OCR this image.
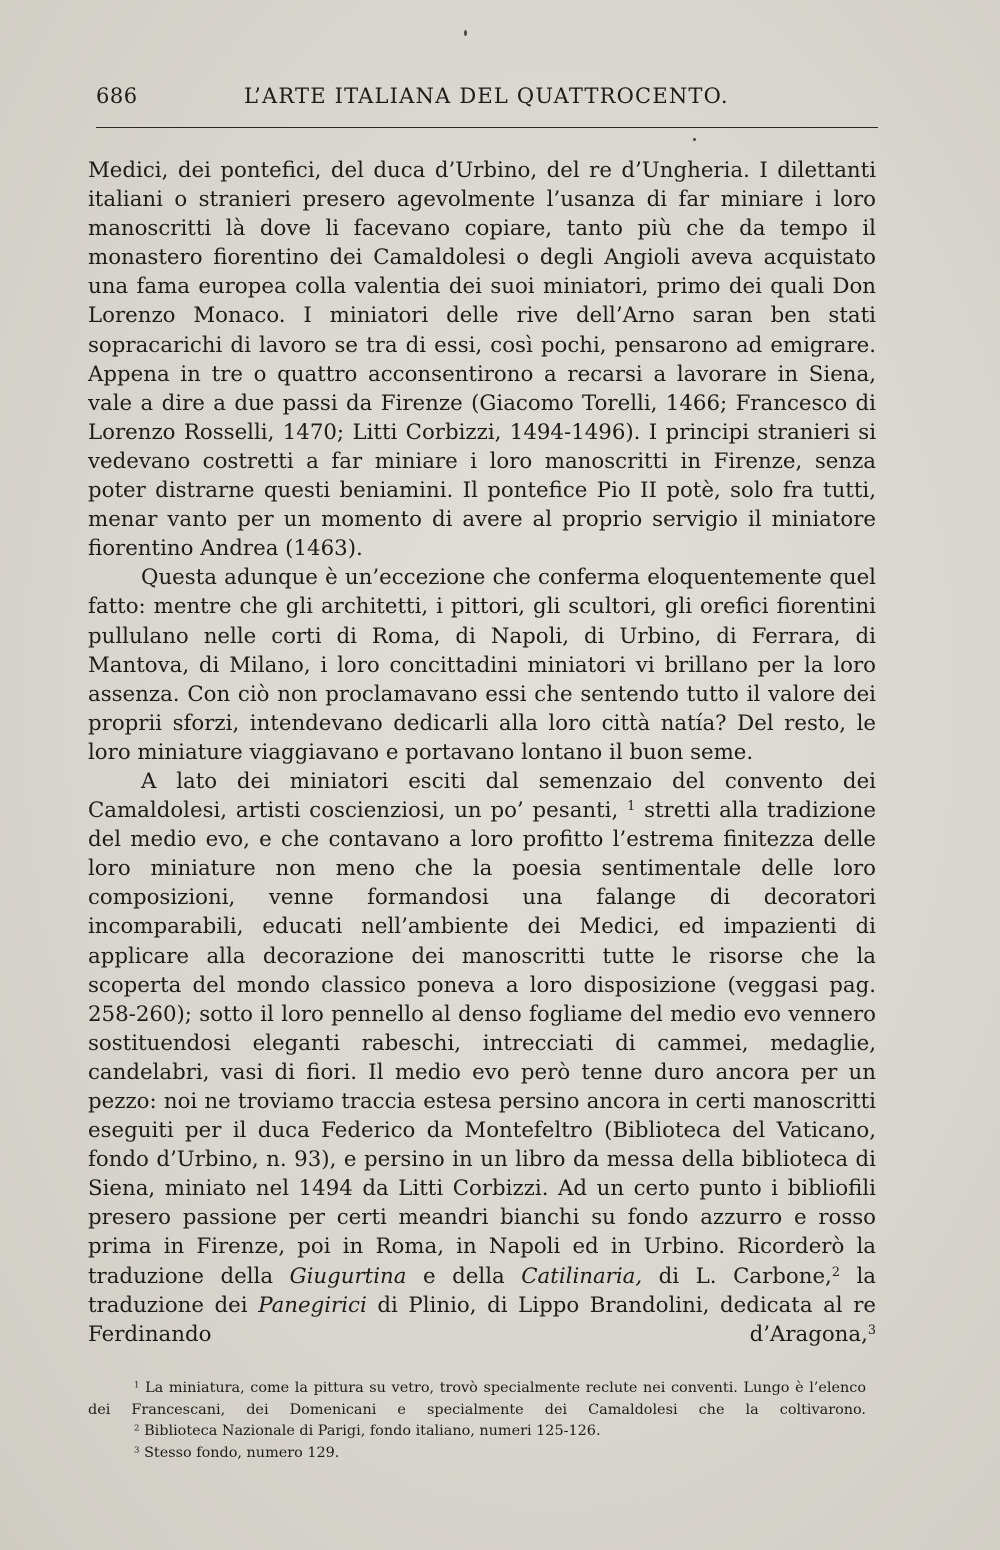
686	L’ARTE ITALIANA DEL QUATTROCENTO.

Medici, dei pontefici, del duca d’Urbino, del re d’Ungheria. I dilettanti italiani o stranieri presero agevolmente l’usanza di far miniare i loro manoscritti là dove li facevano copiare, tanto più che da tempo il monastero fiorentino dei Camaldolesi o degli Angioli aveva acquistato una fama europea colla valentia dei suoi miniatori, primo dei quali Don Lorenzo Monaco. I miniatori delle rive dell’Arno saran ben stati sopracarichi di lavoro se tra di essi, così pochi, pensarono ad emigrare. Appena in tre o quattro acconsentirono a recarsi a lavorare in Siena, vale a dire a due passi da Firenze (Giacomo Torelli, 1466; Francesco di Lorenzo Rosselli, 1470; Litti Corbizzi, 1494-1496). I principi stranieri si vedevano costretti a far miniare i loro manoscritti in Firenze, senza poter distrarne questi beniamini. Il pontefice Pio II potè, solo fra tutti, menar vanto per un momento di avere al proprio servigio il miniatore fiorentino Andrea (1463).

Questa adunque è un’eccezione che conferma eloquentemente quel fatto: mentre che gli architetti, i pittori, gli scultori, gli orefici fiorentini pullulano nelle corti di Roma, di Napoli, di Urbino, di Ferrara, di Mantova, di Milano, i loro concittadini miniatori vi brillano per la loro assenza. Con ciò non proclamavano essi che sentendo tutto il valore dei proprii sforzi, intendevano dedicarli alla loro città natía? Del resto, le loro miniature viaggiavano e portavano lontano il buon seme.

A lato dei miniatori esciti dal semenzaio del convento dei Camaldolesi, artisti coscienziosi, un po’ pesanti, $^1$ stretti alla tradizione del medio evo, e che contavano a loro profitto l’estrema finitezza delle loro miniature non meno che la poesia sentimentale delle loro composizioni, venne formandosi una falange di decoratori incomparabili, educati nell’ambiente dei Medici, ed impazienti di applicare alla decorazione dei manoscritti tutte le risorse che la scoperta del mondo classico poneva a loro disposizione (veggasi pag. 258-260); sotto il loro pennello al denso fogliame del medio evo vennero sostituendosi eleganti rabeschi, intrecciati di cammei, medaglie, candelabri, vasi di fiori. Il medio evo però tenne duro ancora per un pezzo: noi ne troviamo traccia estesa persino ancora in certi manoscritti eseguiti per il duca Federico da Montefeltro (Biblioteca del Vaticano, fondo d’Urbino, n. 93), e persino in un libro da messa della biblioteca di Siena, miniato nel 1494 da Litti Corbizzi. Ad un certo punto i bibliofili presero passione per certi meandri bianchi su fondo azzurro e rosso prima in Firenze, poi in Roma, in Napoli ed in Urbino. Ricorderò la traduzione della Giugurtina e della Catilinaria, di L. Carbone,$^2$ la traduzione dei Panegirici di Plinio, di Lippo Brandolini, dedicata al re Ferdinando d’Aragona,$^3$

$^1$ La miniatura, come la pittura su vetro, trovò specialmente reclute nei conventi. Lungo è l’elenco dei Francescani, dei Domenicani e specialmente dei Camaldolesi che la coltivarono.

$^2$ Biblioteca Nazionale di Parigi, fondo italiano, numeri 125-126.

$^3$ Stesso fondo, numero 129.
